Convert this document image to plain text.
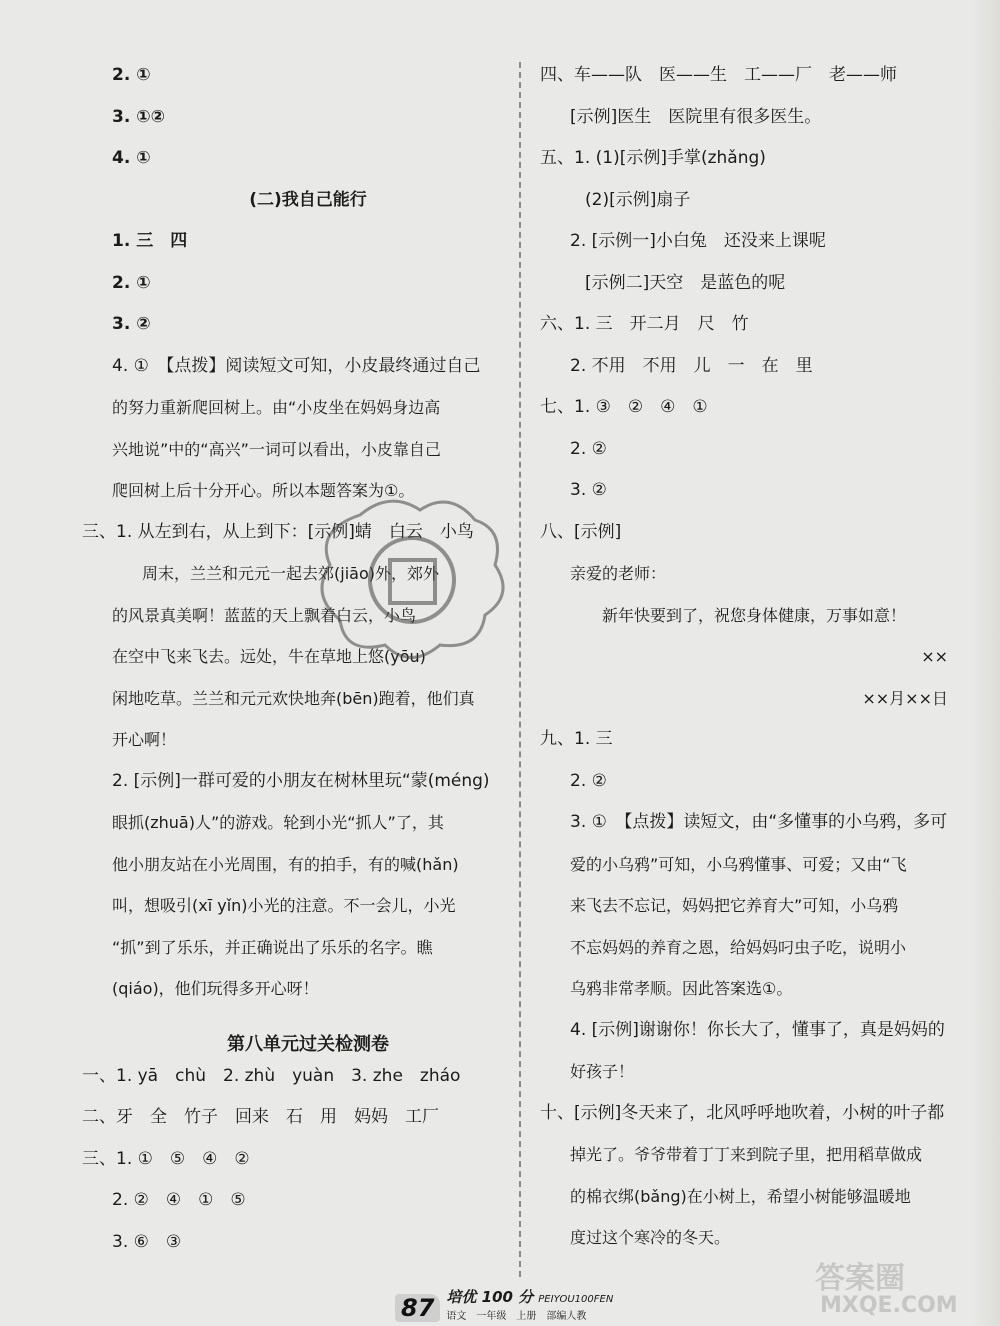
2. ①
3. ①②
4. ①
(二)我自己能行
1. 三　四
2. ①
3. ②
4. ①　【点拨】阅读短文可知，小皮最终通过自己
的努力重新爬回树上。由“小皮坐在妈妈身边高
兴地说”中的“高兴”一词可以看出，小皮靠自己
爬回树上后十分开心。所以本题答案为①。
三、1. 从左到右，从上到下：[示例]蜻　白云　小鸟
周末，兰兰和元元一起去郊(jiāo)外，郊外
的风景真美啊！蓝蓝的天上飘着白云，小鸟
在空中飞来飞去。远处，牛在草地上悠(yōu)
闲地吃草。兰兰和元元欢快地奔(bēn)跑着，他们真
开心啊！
2. [示例]一群可爱的小朋友在树林里玩“蒙(méng)
眼抓(zhuā)人”的游戏。轮到小光“抓人”了，其
他小朋友站在小光周围，有的拍手，有的喊(hǎn)
叫，想吸引(xī yǐn)小光的注意。不一会儿，小光
“抓”到了乐乐，并正确说出了乐乐的名字。瞧
(qiáo)，他们玩得多开心呀！
第八单元过关检测卷
一、1. yā　chù　2. zhù　yuàn　3. zhe　zháo
二、牙　全　竹子　回来　石　用　妈妈　工厂
三、1. ①　⑤　④　②
2. ②　④　①　⑤
3. ⑥　③
四、车——队　医——生　工——厂　老——师
[示例]医生　医院里有很多医生。
五、1. (1)[示例]手掌(zhǎng)
(2)[示例]扇子
2. [示例一]小白兔　还没来上课呢
[示例二]天空　是蓝色的呢
六、1. 三　开二月　尺　竹
2. 不用　不用　儿　一　在　里
七、1. ③　②　④　①
2. ②
3. ②
八、[示例]
亲爱的老师：
新年快要到了，祝您身体健康，万事如意！
××
××月××日
九、1. 三
2. ②
3. ①　【点拨】读短文，由“多懂事的小乌鸦，多可
爱的小乌鸦”可知，小乌鸦懂事、可爱；又由“飞
来飞去不忘记，妈妈把它养育大”可知，小乌鸦
不忘妈妈的养育之恩，给妈妈叼虫子吃，说明小
乌鸦非常孝顺。因此答案选①。
4. [示例]谢谢你！你长大了，懂事了，真是妈妈的
好孩子！
十、[示例]冬天来了，北风呼呼地吹着，小树的叶子都
掉光了。爷爷带着丁丁来到院子里，把用稻草做成
的棉衣绑(bǎng)在小树上，希望小树能够温暖地
度过这个寒冷的冬天。
87 培优 100 分 PEIYOU100FEN
语文　一年级　上册　部编人教
答案圈
MXQE.COM
